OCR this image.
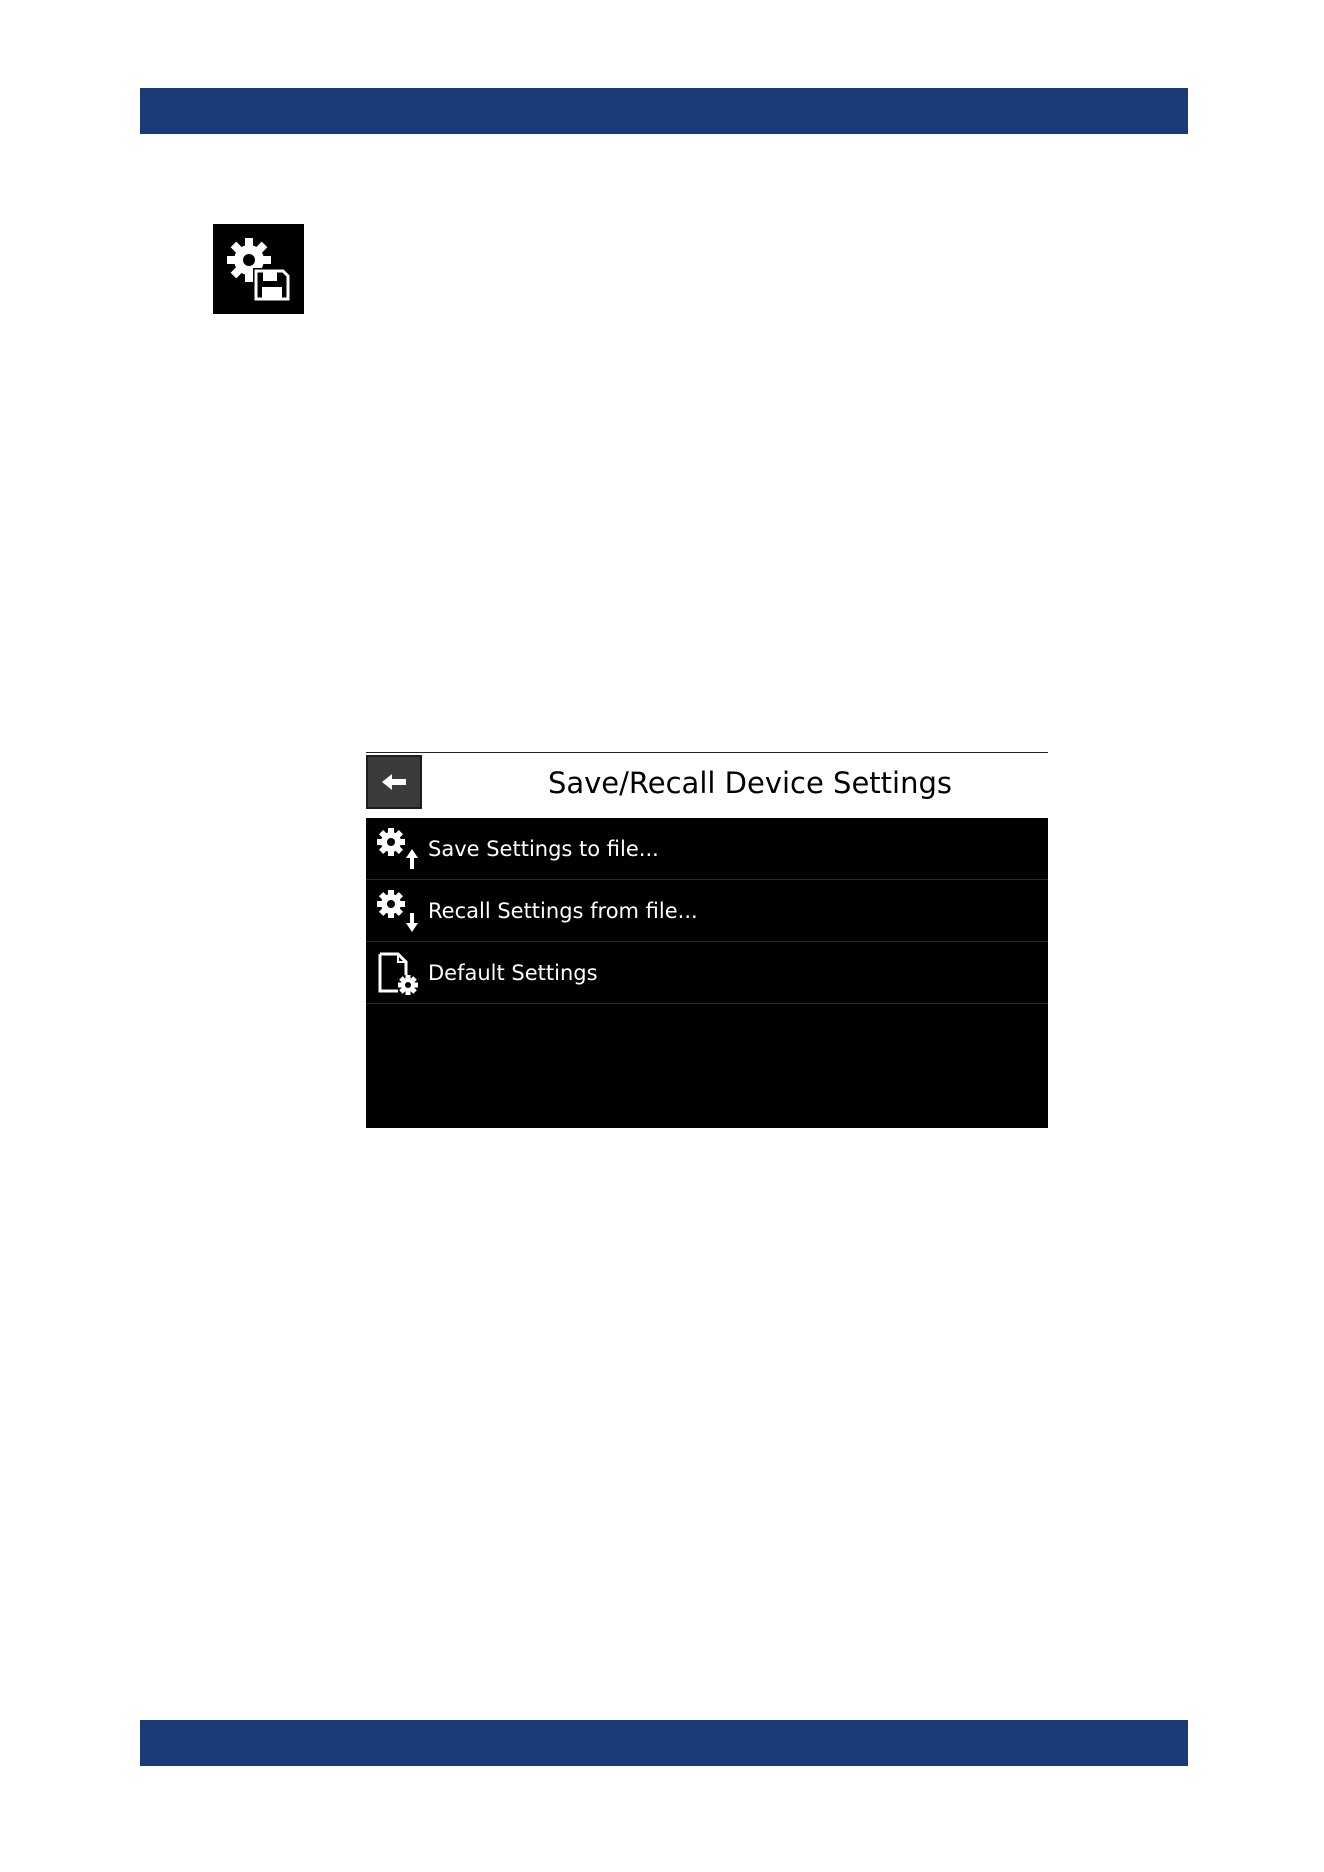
Save/Recall Device Settings
Save Settings to file...
Recall Settings from file...
Default Settings
